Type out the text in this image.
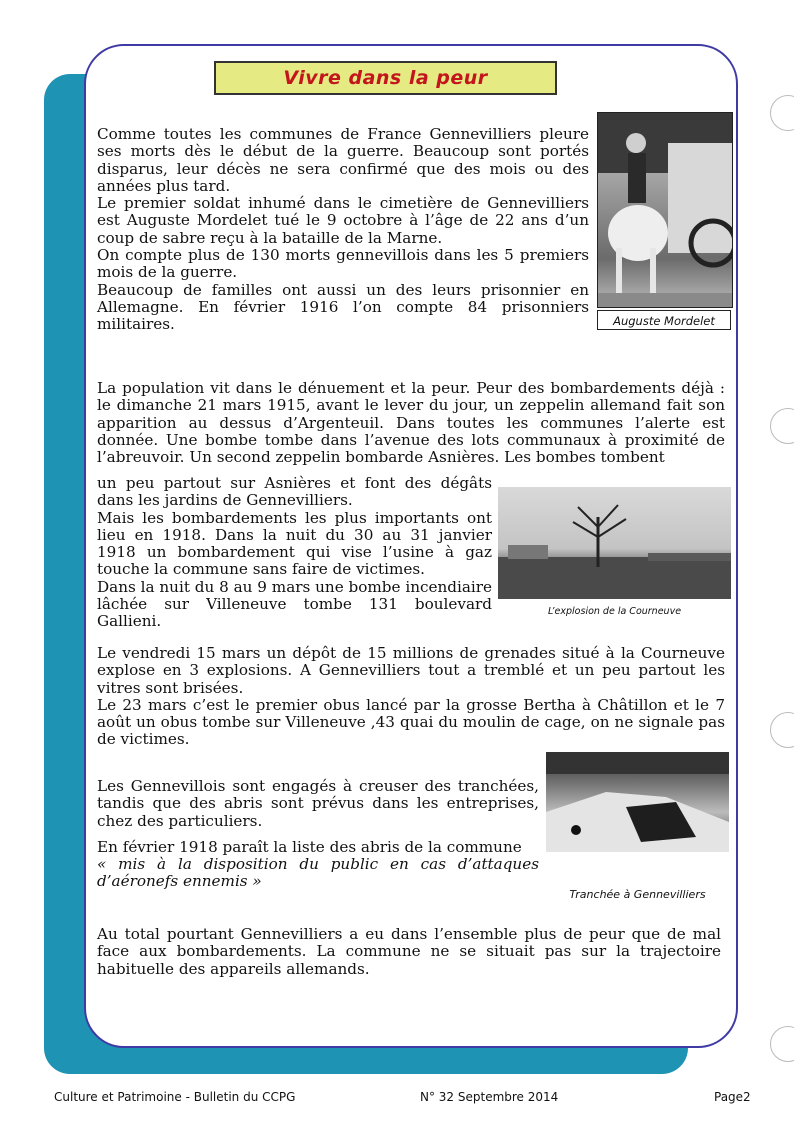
Vivre dans la peur

Comme toutes les communes de France Gennevilliers pleure ses morts dès le début de la guerre. Beaucoup sont portés disparus, leur décès ne sera confirmé que des mois ou des années plus tard.

Le premier soldat inhumé dans le cimetière de Gennevilliers est Auguste Mordelet tué le 9 octobre à l’âge de 22 ans d’un coup de sabre reçu à la bataille de la Marne.

On compte plus de 130 morts gennevillois dans les 5 premiers mois de la guerre.

Beaucoup de familles ont aussi un des leurs prisonnier en Allemagne. En février 1916 l’on compte 84 prisonniers militaires.	Auguste Mordelet
La population vit dans le dénuement et la peur. Peur des bombardements déjà : le dimanche 21 mars 1915, avant le lever du jour, un zeppelin allemand fait son apparition au dessus d’Argenteuil. Dans toutes les communes l’alerte est donnée. Une bombe tombe dans l’avenue des lots communaux à proximité de l’abreuvoir. Un second zeppelin bombarde Asnières. Les bombes tombent

un peu partout sur Asnières et font des dégâts dans les jardins de Gennevilliers.

Mais les bombardements les plus importants ont lieu en 1918. Dans la nuit du 30 au 31 janvier 1918 un bombardement qui vise l’usine à gaz touche la commune sans faire de victimes.

Dans la nuit du 8 au 9 mars une bombe incendiaire lâchée sur Villeneuve tombe 131 boulevard Gallieni.

L’explosion de la Courneuve

Le vendredi 15 mars un dépôt de 15 millions de grenades situé à la Courneuve explose en 3 explosions. A Gennevilliers tout a tremblé et un peu partout les vitres sont brisées.

Le 23 mars c’est le premier obus lancé par la grosse Bertha à Châtillon et le 7 août un obus tombe sur Villeneuve ,43 quai du moulin de cage, on ne signale pas de victimes.

Les Gennevillois sont engagés à creuser des tranchées, tandis que des abris sont prévus dans les entreprises, chez des particuliers.

En février 1918 paraît la liste des abris de la commune

« mis à la disposition du public en cas d’attaques d’aéronefs ennemis »

Tranchée à Gennevilliers
Au total pourtant Gennevilliers a eu dans l’ensemble plus de peur que de mal face aux bombardements. La commune ne se situait pas sur la trajectoire habituelle des appareils allemands.
Culture et Patrimoine - Bulletin du CCPG	N° 32 Septembre 2014	Page2
